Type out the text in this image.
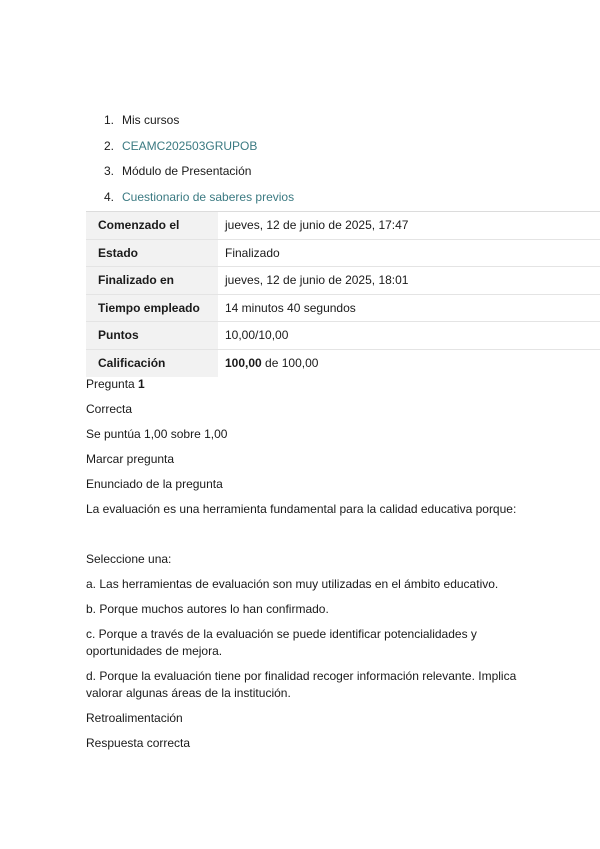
1. Mis cursos
2. CEAMC202503GRUPOB
3. Módulo de Presentación
4. Cuestionario de saberes previos
Comenzado el	jueves, 12 de junio de 2025, 17:47
Estado	Finalizado
Finalizado en	jueves, 12 de junio de 2025, 18:01
Tiempo empleado	14 minutos 40 segundos
Puntos	10,00/10,00
Calificación	100,00 de 100,00

Pregunta 1

Correcta

Se puntúa 1,00 sobre 1,00

Marcar pregunta

Enunciado de la pregunta

La evaluación es una herramienta fundamental para la calidad educativa porque:

Seleccione una:

a. Las herramientas de evaluación son muy utilizadas en el ámbito educativo.

b. Porque muchos autores lo han confirmado.

c. Porque a través de la evaluación se puede identificar potencialidades y oportunidades de mejora.

d. Porque la evaluación tiene por finalidad recoger información relevante. Implica valorar algunas áreas de la institución.

Retroalimentación

Respuesta correcta
